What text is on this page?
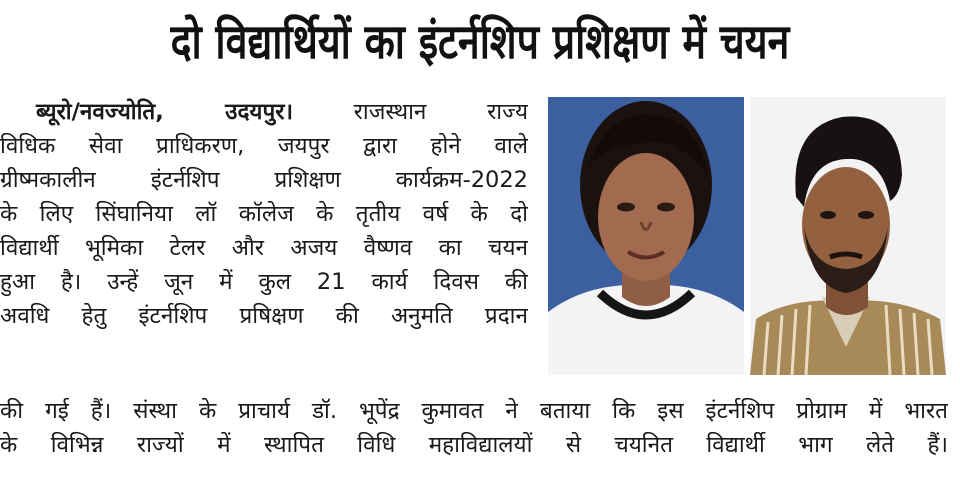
दो विद्यार्थियों का इंटर्नशिप प्रशिक्षण में चयन
ब्यूरो/नवज्योति, उदयपुर।	राजस्थान राज्य
विधिक सेवा प्राधिकरण, जयपुर द्वारा होने वाले
ग्रीष्मकालीन इंटर्नशिप प्रशिक्षण कार्यक्रम-2022
के लिए सिंघानिया लॉ कॉलेज के तृतीय वर्ष के दो
विद्यार्थी भूमिका टेलर और अजय वैष्णव का चयन
हुआ है। उन्हें जून में कुल 21 कार्य दिवस की
अवधि हेतु इंटर्नशिप प्रषिक्षण की अनुमति प्रदान
की गई हैं। संस्था के प्राचार्य डॉ. भूपेंद्र कुमावत ने बताया कि इस इंटर्नशिप प्रोग्राम में भारत
के विभिन्न राज्यों में स्थापित विधि महाविद्यालयों से चयनित विद्यार्थी भाग लेते हैं।
